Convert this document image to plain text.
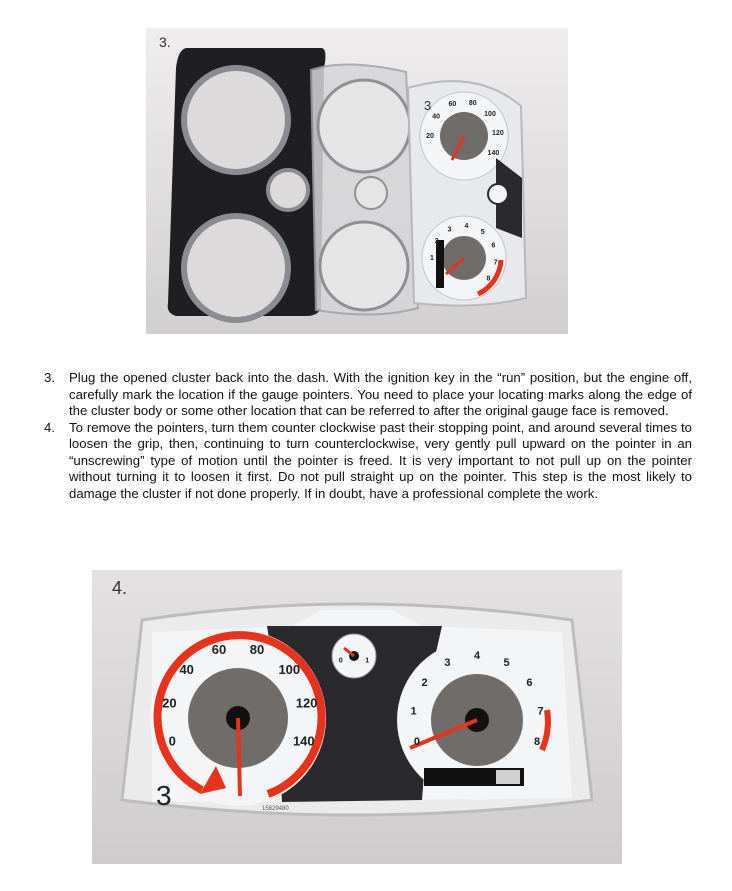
20
40
60 80
100
120
140
1
2
3 4
5
6
7
8
3.
3
3. Plug the opened cluster back into the dash. With the ignition key in the “run” position, but the engine off, carefully mark the location if the gauge pointers. You need to place your locating marks along the edge of the cluster body or some other location that can be referred to after the original gauge face is removed.
4. To remove the pointers, turn them counter clockwise past their stopping point, and around several times to loosen the grip, then, continuing to turn counterclockwise, very gently pull upward on the pointer in an “unscrewing” type of motion until the pointer is freed. It is very important to not pull up on the pointer without turning it to loosen it first. Do not pull straight up on the pointer. This step is the most likely to damage the cluster if not done properly. If in doubt, have a professional complete the work.
0
20
40
60 80
100
120
140	0
1
2
3
4
5
6
7
8
0	1
4.
3	15829480
